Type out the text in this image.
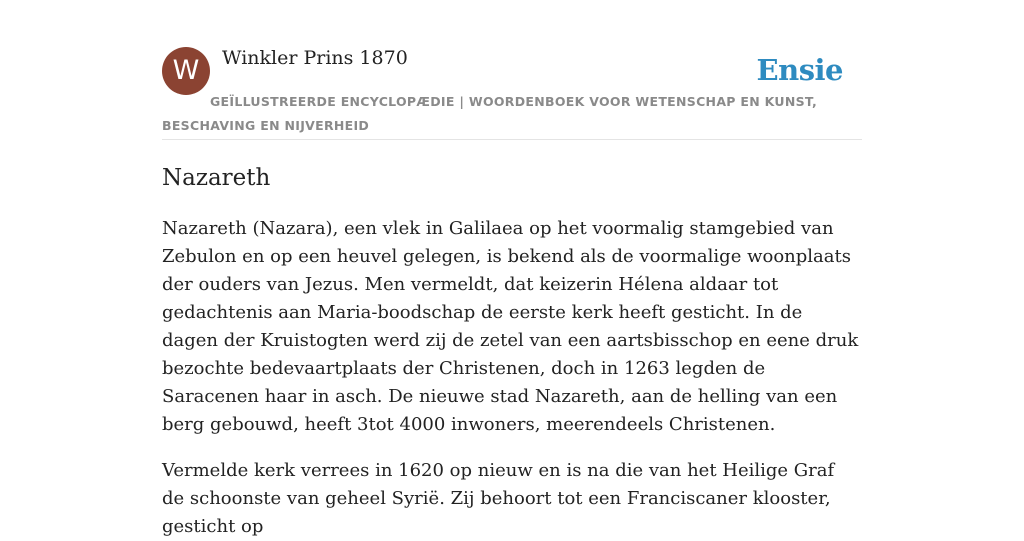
W	Winkler Prins 1870	Ensie
GEÏLLUSTREERDE ENCYCLOPÆDIE | WOORDENBOEK VOOR WETENSCHAP EN KUNST, BESCHAVING EN NIJVERHEID
Nazareth

Nazareth (Nazara), een vlek in Galilaea op het voormalig stamgebied van Zebulon en op een heuvel gelegen, is bekend als de voormalige woonplaats der ouders van Jezus. Men vermeldt, dat keizerin Hélena aldaar tot gedachtenis aan Maria-boodschap de eerste kerk heeft gesticht. In de dagen der Kruistogten werd zij de zetel van een aartsbisschop en eene druk bezochte bedevaartplaats der Christenen, doch in 1263 legden de Saracenen haar in asch. De nieuwe stad Nazareth, aan de helling van een berg gebouwd, heeft 3tot 4000 inwoners, meerendeels Christenen.

Vermelde kerk verrees in 1620 op nieuw en is na die van het Heilige Graf de schoonste van geheel Syrië. Zij behoort tot een Franciscaner klooster, gesticht op
